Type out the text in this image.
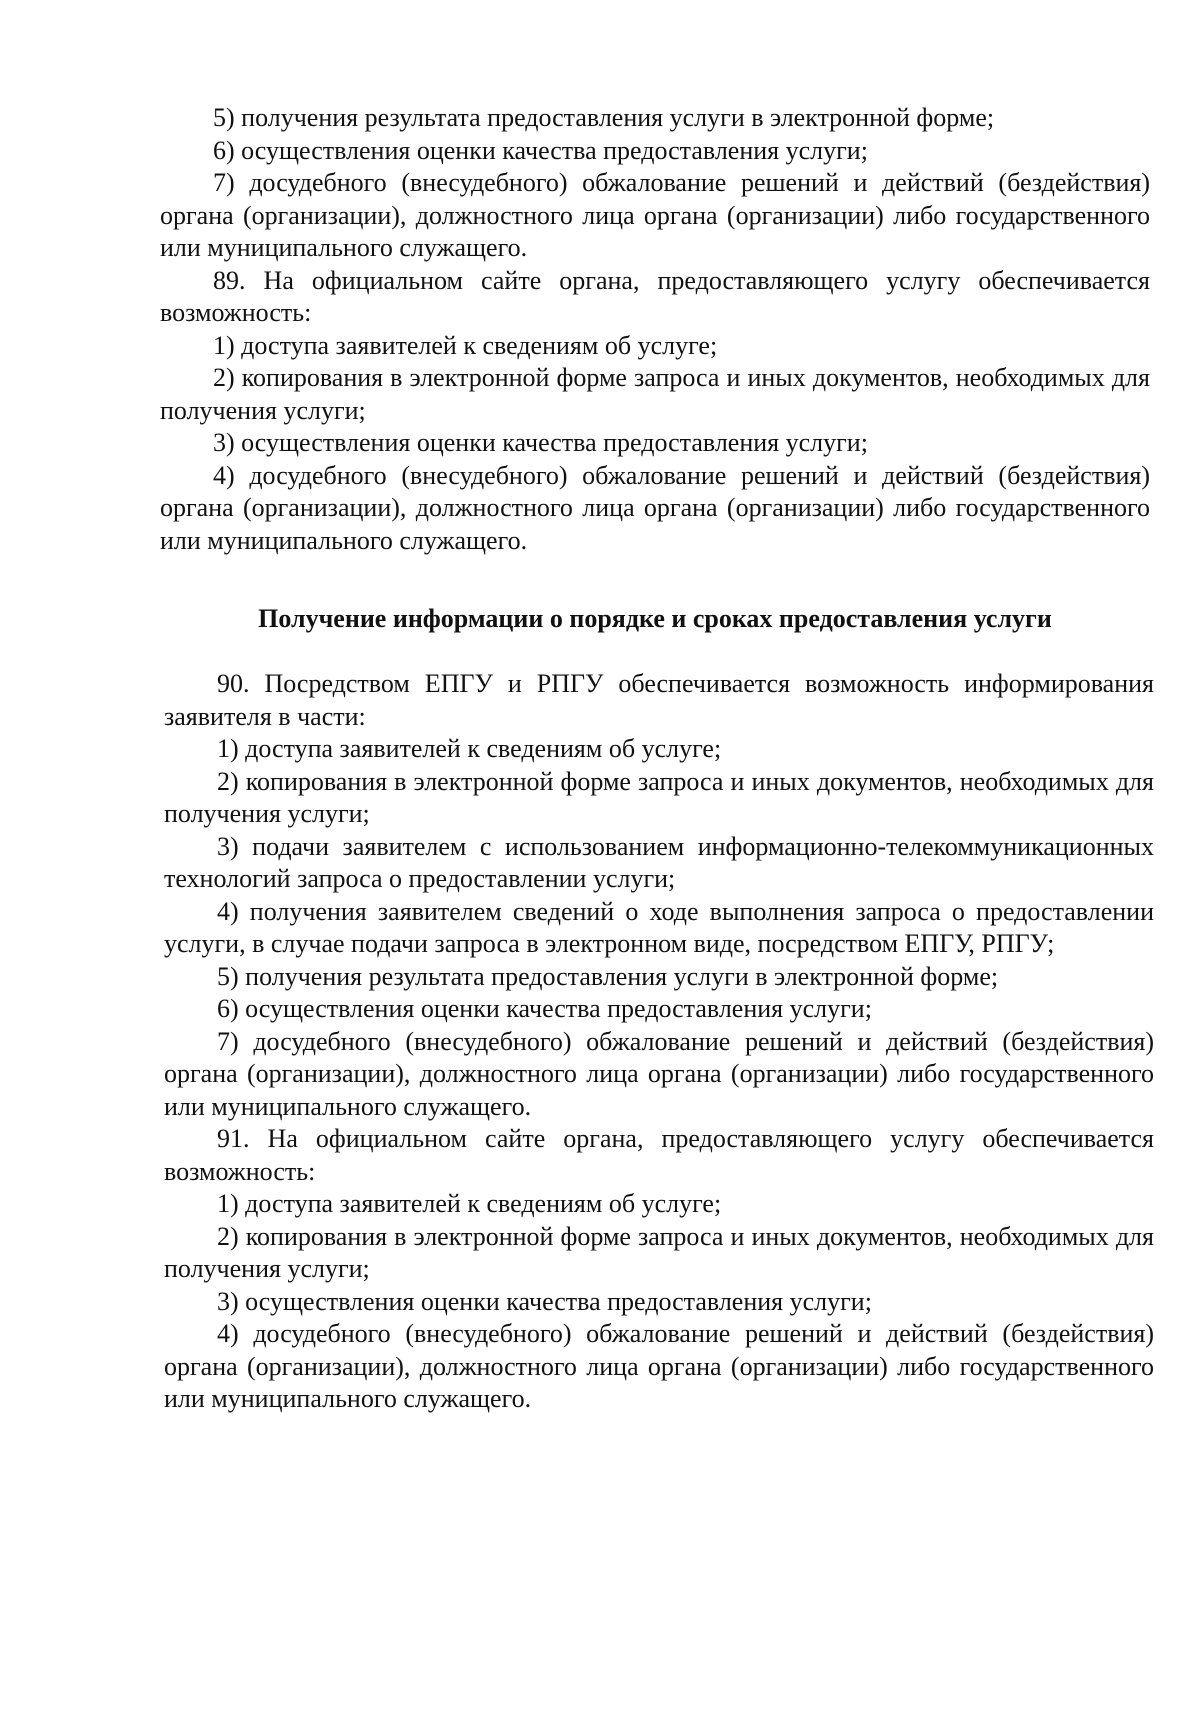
5) получения результата предоставления услуги в электронной форме;

6) осуществления оценки качества предоставления услуги;

7) досудебного (внесудебного) обжалование решений и действий (бездействия) органа (организации), должностного лица органа (организации) либо государственного или муниципального служащего.

89. На официальном сайте органа, предоставляющего услугу обеспечивается возможность:

1) доступа заявителей к сведениям об услуге;

2) копирования в электронной форме запроса и иных документов, необходимых для получения услуги;

3) осуществления оценки качества предоставления услуги;

4) досудебного (внесудебного) обжалование решений и действий (бездействия) органа (организации), должностного лица органа (организации) либо государственного или муниципального служащего.

Получение информации о порядке и сроках предоставления услуги

90. Посредством ЕПГУ и РПГУ обеспечивается возможность информирования заявителя в части:

1) доступа заявителей к сведениям об услуге;

2) копирования в электронной форме запроса и иных документов, необходимых для получения услуги;

3) подачи заявителем с использованием информационно-телекоммуникационных технологий запроса о предоставлении услуги;

4) получения заявителем сведений о ходе выполнения запроса о предоставлении услуги, в случае подачи запроса в электронном виде, посредством ЕПГУ, РПГУ;

5) получения результата предоставления услуги в электронной форме;

6) осуществления оценки качества предоставления услуги;

7) досудебного (внесудебного) обжалование решений и действий (бездействия) органа (организации), должностного лица органа (организации) либо государственного или муниципального служащего.

91. На официальном сайте органа, предоставляющего услугу обеспечивается возможность:

1) доступа заявителей к сведениям об услуге;

2) копирования в электронной форме запроса и иных документов, необходимых для получения услуги;

3) осуществления оценки качества предоставления услуги;

4) досудебного (внесудебного) обжалование решений и действий (бездействия) органа (организации), должностного лица органа (организации) либо государственного или муниципального служащего.
